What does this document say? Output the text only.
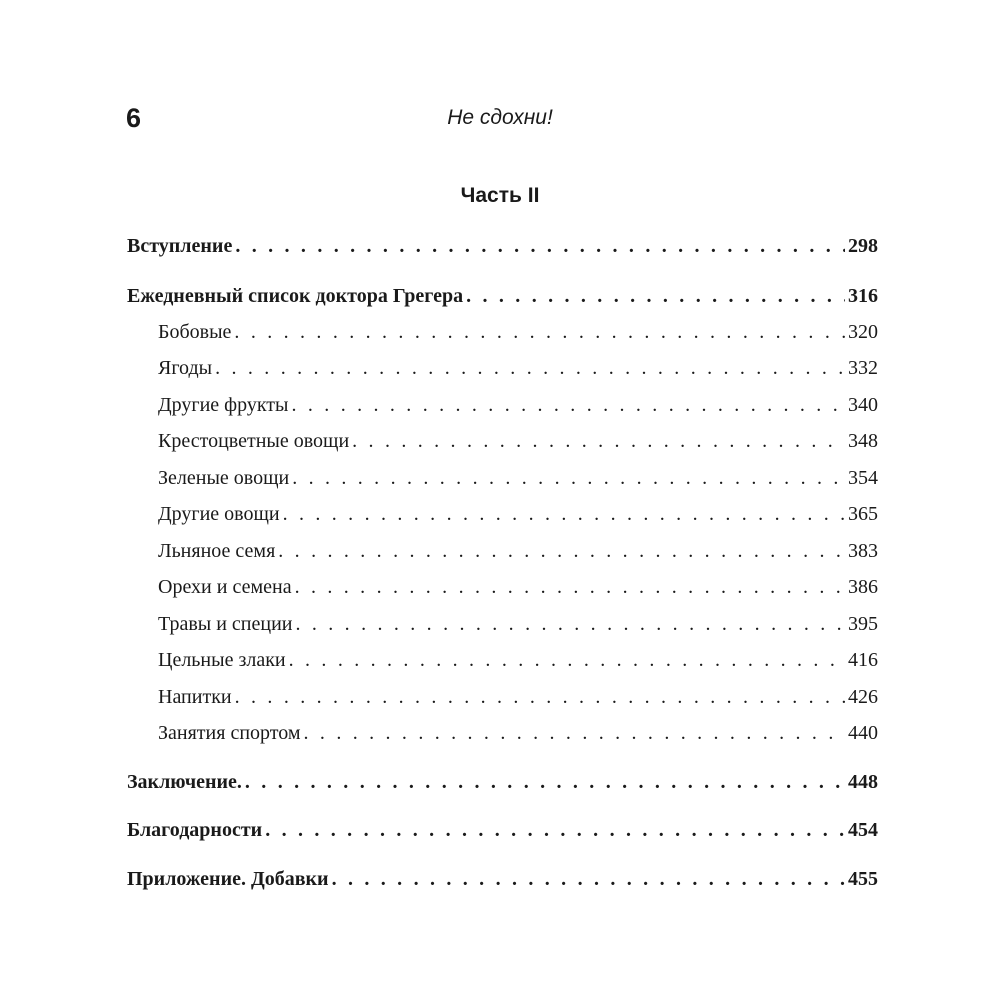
6	Не сдохни!
Часть II
Вступление . . .	298
Ежедневный список доктора Грегера . . .	316
Бобовые . . .	320
Ягоды . . .	332
Другие фрукты . . .	340
Крестоцветные овощи . . .	348
Зеленые овощи . . .	354
Другие овощи . . .	365
Льняное семя . . .	383
Орехи и семена . . .	386
Травы и специи . . .	395
Цельные злаки . . .	416
Напитки . . .	426
Занятия спортом . . .	440
Заключение. . . .	448
Благодарности . . .	454
Приложение. Добавки . . .	455
